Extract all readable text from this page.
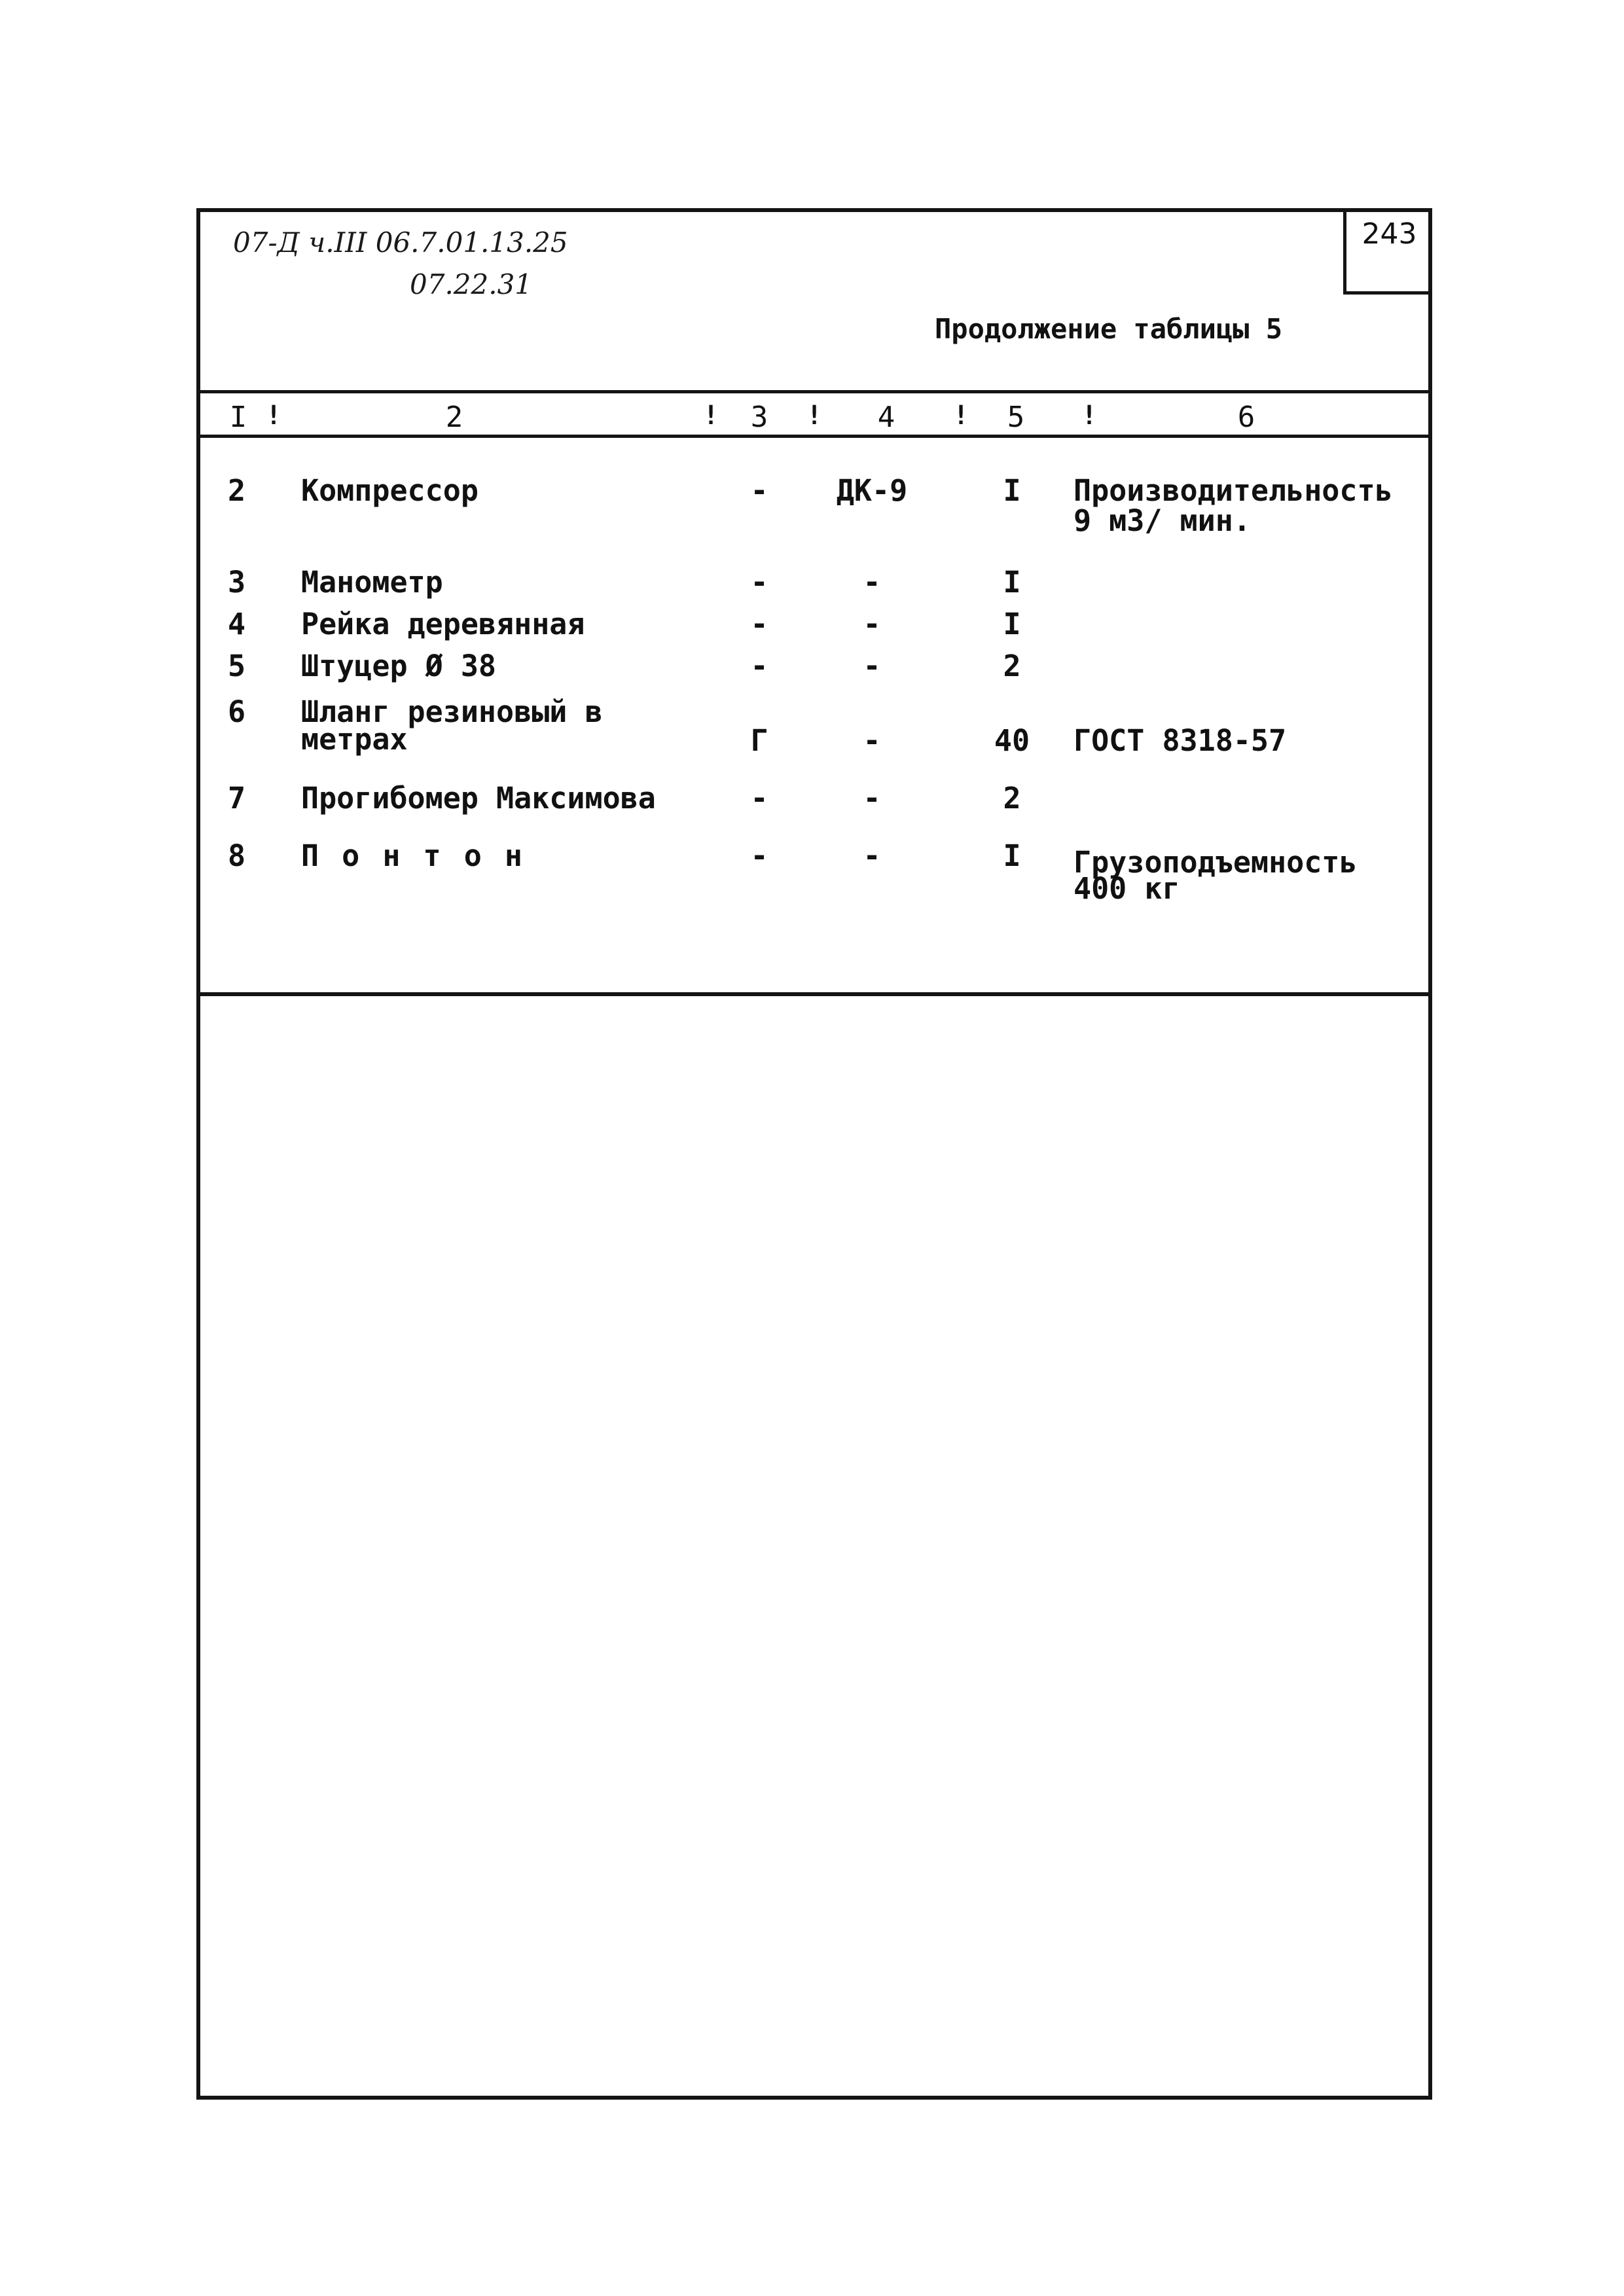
07-Д ч.III 06.7.01.13.25
07.22.31
243
Продолжение таблицы 5
I !	2	! 3 ! 4 ! 5 !	6
2 Компрессор	- ДК-9	I Производительность
9 м3/ мин.
3 Манометр	-	-	I
4 Рейка деревянная	-	-	I
5 Штуцер Ø 38	-	-	2
6 Шланг резиновый в
метрах	Г	-	40 ГОСТ 8318-57
7 Прогибомер Максимова	-	-	2
8 П о н т о н	-	-	I Грузоподъемность
400 кг
